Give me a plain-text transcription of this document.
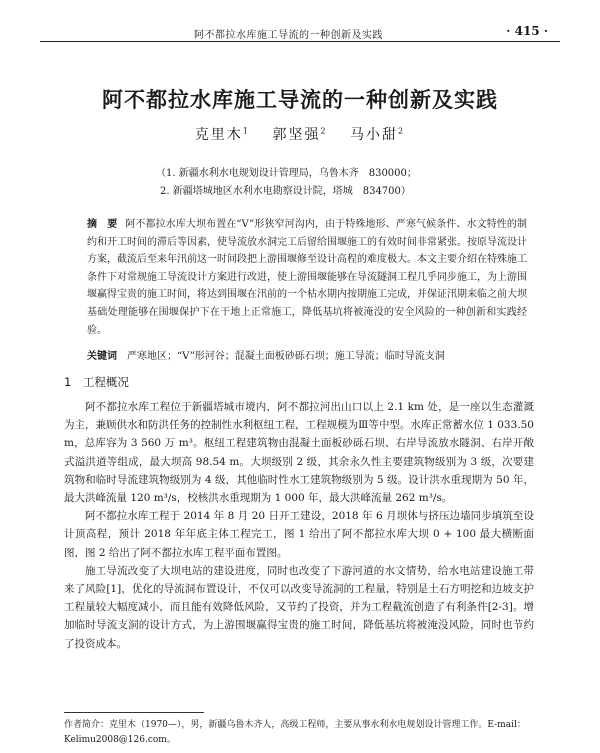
阿不都拉水库施工导流的一种创新及实践	· 415 ·
阿不都拉水库施工导流的一种创新及实践
克里木$^1$　 郭坚强$^2$　 马小甜$^2$
（1. 新疆水利水电规划设计管理局，乌鲁木齐　830000；
2. 新疆塔城地区水利水电勘察设计院，塔城　834700）
摘　要 阿不都拉水库大坝布置在“V”形狭窄河沟内，由于特殊地形、严寒气候条件、水文特性的制约和开工时间的滞后等因素，使导流放水洞完工后留给围堰施工的有效时间非常紧张。按原导流设计方案，截流后至来年汛前这一时间段把上游围堰修至设计高程的难度极大。本文主要介绍在特殊施工条件下对常规施工导流设计方案进行改进，使上游围堰能够在导流隧洞工程几乎同步施工，为上游围堰赢得宝贵的施工时间，将达到围堰在汛前的一个枯水期内按期施工完成，并保证汛期来临之前大坝基础处理能够在围堰保护下在干地上正常施工，降低基坑将被淹没的安全风险的一种创新和实践经验。
关键词　 严寒地区；“V”形河谷；混凝土面板砂砾石坝；施工导流；临时导流支洞
1　工程概况

阿不都拉水库工程位于新疆塔城市境内，阿不都拉河出山口以上 2.1 km 处，是一座以生态灌溉为主，兼顾供水和防洪任务的控制性水利枢纽工程，工程规模为Ⅲ等中型。水库正常蓄水位 1 033.50 m，总库容为 3 560 万 m³。枢纽工程建筑物由混凝土面板砂砾石坝、右岸导流放水隧洞、右岸开敞式溢洪道等组成，最大坝高 98.54 m。大坝级别 2 级，其余永久性主要建筑物级别为 3 级，次要建筑物和临时导流建筑物级别为 4 级，其他临时性水工建筑物级别为 5 级。设计洪水重现期为 50 年，最大洪峰流量 120 m³/s，校核洪水重现期为 1 000 年，最大洪峰流量 262 m³/s。

阿不都拉水库工程于 2014 年 8 月 20 日开工建设，2018 年 6 月坝体与挤压边墙同步填筑至设计顶高程，预计 2018 年年底主体工程完工，图 1 给出了阿不都拉水库大坝 0 + 100 最大横断面图，图 2 给出了阿不都拉水库工程平面布置图。

施工导流改变了大坝电站的建设进度，同时也改变了下游河道的水文情势，给水电站建设施工带来了风险[1]，优化的导流洞布置设计，不仅可以改变导流洞的工程量，特别是土石方明挖和边坡支护工程量较大幅度减小，而且能有效降低风险，又节约了投资，并为工程截流创造了有利条件[2-3]。增加临时导流支洞的设计方式，为上游围堰赢得宝贵的施工时间，降低基坑将被淹没风险，同时也节约了投资成本。

作者简介：克里木（1970—），男，新疆乌鲁木齐人，高级工程师，主要从事水利水电规划设计管理工作。E-mail：Kelimu2008@126.com。
